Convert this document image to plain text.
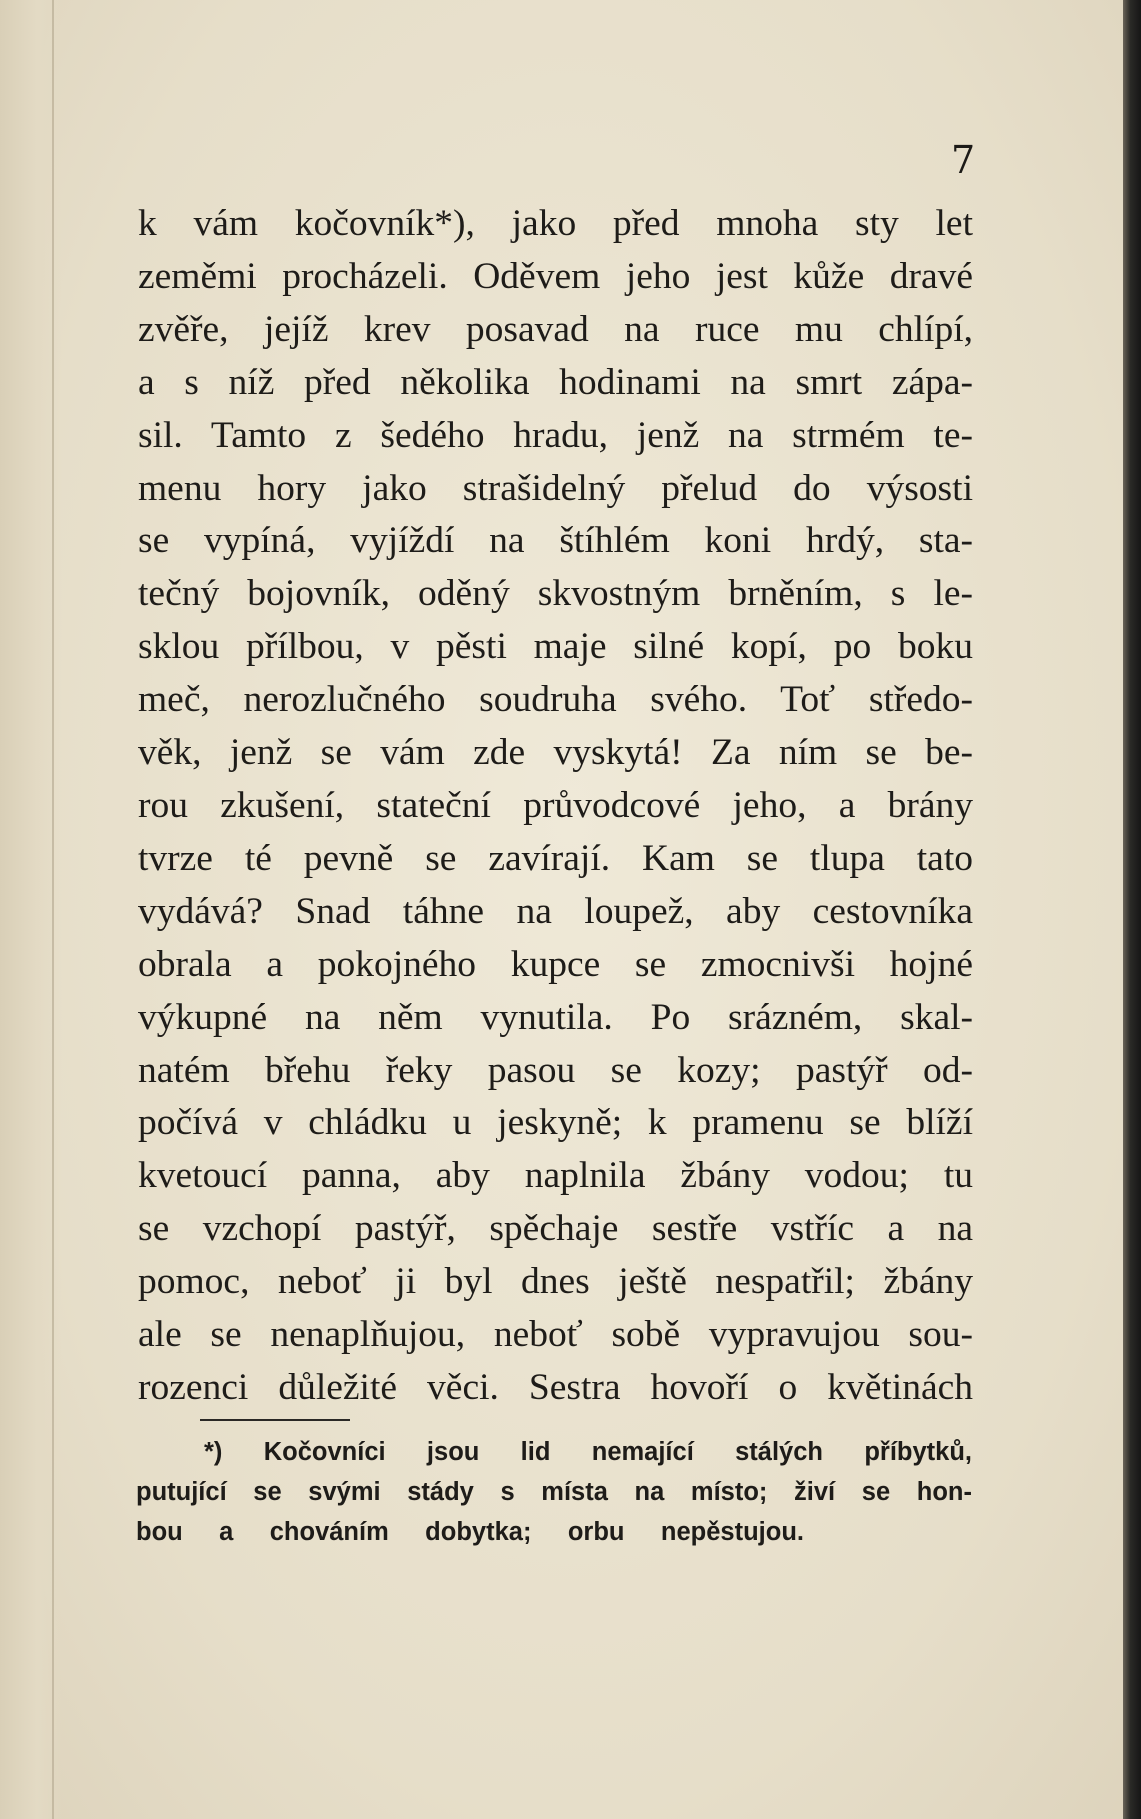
7

k vám kočovník*), jako před mnoha sty let
zeměmi procházeli. Oděvem jeho jest kůže dravé
zvěře, jejíž krev posavad na ruce mu chlípí,
a s níž před několika hodinami na smrt zápa-
sil. Tamto z šedého hradu, jenž na strmém te-
menu hory jako strašidelný přelud do výsosti
se vypíná, vyjíždí na štíhlém koni hrdý, sta-
tečný bojovník, oděný skvostným brněním, s le-
sklou přílbou, v pěsti maje silné kopí, po boku
meč, nerozlučného soudruha svého. Toť středo-
věk, jenž se vám zde vyskytá! Za ním se be-
rou zkušení, stateční průvodcové jeho, a brány
tvrze té pevně se zavírají. Kam se tlupa tato
vydává? Snad táhne na loupež, aby cestovníka
obrala a pokojného kupce se zmocnivši hojné
výkupné na něm vynutila. Po srázném, skal-
natém břehu řeky pasou se kozy; pastýř od-
počívá v chládku u jeskyně; k pramenu se blíží
kvetoucí panna, aby naplnila žbány vodou; tu
se vzchopí pastýř, spěchaje sestře vstříc a na
pomoc, neboť ji byl dnes ještě nespatřil; žbány
ale se nenaplňujou, neboť sobě vypravujou sou-
rozenci důležité věci. Sestra hovoří o květinách
*) Kočovníci jsou lid nemající stálých příbytků,
putující se svými stády s místa na místo; živí se hon-
bou a chováním dobytka; orbu nepěstujou.
